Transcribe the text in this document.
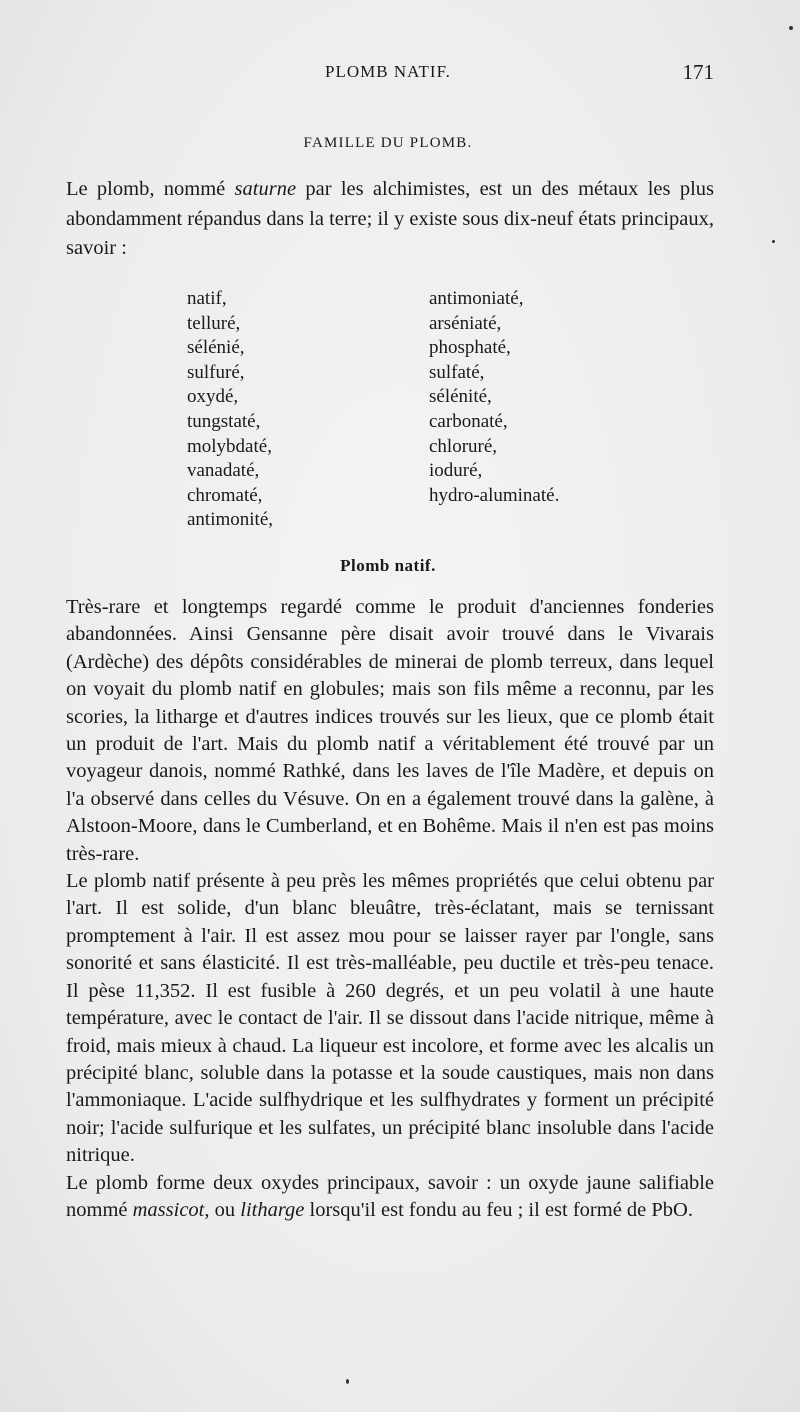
PLOMB NATIF.	171
FAMILLE DU PLOMB.
Le plomb, nommé saturne par les alchimistes, est un des métaux les plus abondamment répandus dans la terre; il y existe sous dix-neuf états principaux, savoir :
natif,
telluré,
sélénié,
sulfuré,
oxydé,
tungstaté,
molybdaté,
vanadaté,
chromaté,
antimonité,
antimoniaté,
arséniaté,
phosphaté,
sulfaté,
sélénité,
carbonaté,
chloruré,
ioduré,
hydro-aluminaté.
Plomb natif.

Très-rare et longtemps regardé comme le produit d'anciennes fonderies abandonnées. Ainsi Gensanne père disait avoir trouvé dans le Vivarais (Ardèche) des dépôts considérables de minerai de plomb terreux, dans lequel on voyait du plomb natif en globules; mais son fils même a reconnu, par les scories, la litharge et d'autres indices trouvés sur les lieux, que ce plomb était un produit de l'art. Mais du plomb natif a véritablement été trouvé par un voyageur danois, nommé Rathké, dans les laves de l'île Madère, et depuis on l'a observé dans celles du Vésuve. On en a également trouvé dans la galène, à Alstoon-Moore, dans le Cumberland, et en Bohême. Mais il n'en est pas moins très-rare.

Le plomb natif présente à peu près les mêmes propriétés que celui obtenu par l'art. Il est solide, d'un blanc bleuâtre, très-éclatant, mais se ternissant promptement à l'air. Il est assez mou pour se laisser rayer par l'ongle, sans sonorité et sans élasticité. Il est très-malléable, peu ductile et très-peu tenace. Il pèse 11,352. Il est fusible à 260 degrés, et un peu volatil à une haute température, avec le contact de l'air. Il se dissout dans l'acide nitrique, même à froid, mais mieux à chaud. La liqueur est incolore, et forme avec les alcalis un précipité blanc, soluble dans la potasse et la soude caustiques, mais non dans l'ammoniaque. L'acide sulfhydrique et les sulfhydrates y forment un précipité noir; l'acide sulfurique et les sulfates, un précipité blanc insoluble dans l'acide nitrique.

Le plomb forme deux oxydes principaux, savoir : un oxyde jaune salifiable nommé massicot, ou litharge lorsqu'il est fondu au feu ; il est formé de PbO.
